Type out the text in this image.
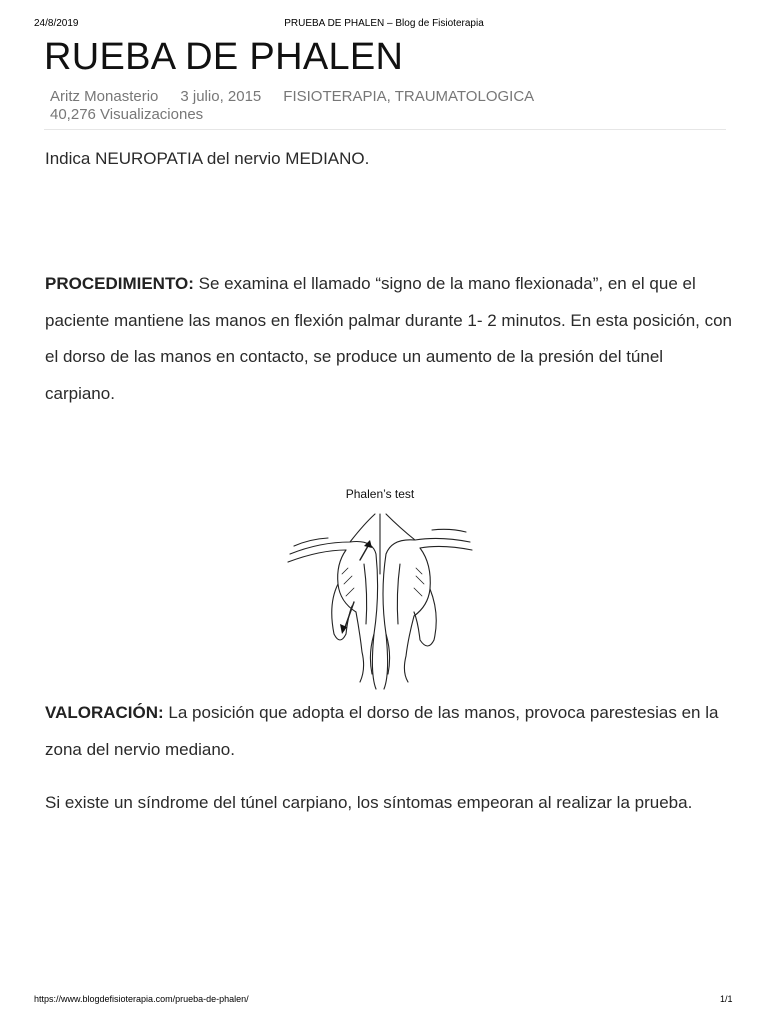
24/8/2019	PRUEBA DE PHALEN – Blog de Fisioterapia
RUEBA DE PHALEN
Aritz Monasterio 3 julio, 2015 FISIOTERAPIA, TRAUMATOLOGICA
40,276 Visualizaciones

Indica NEUROPATIA del nervio MEDIANO.

PROCEDIMIENTO: Se examina el llamado “signo de la mano flexionada”, en el que el paciente mantiene las manos en flexión palmar durante 1- 2 minutos. En esta posición, con el dorso de las manos en contacto, se produce un aumento de la presión del túnel carpiano.

Phalen’s test

VALORACIÓN: La posición que adopta el dorso de las manos, provoca parestesias en la zona del nervio mediano.

Si existe un síndrome del túnel carpiano, los síntomas empeoran al realizar la prueba.

https://www.blogdefisioterapia.com/prueba-de-phalen/	1/1
